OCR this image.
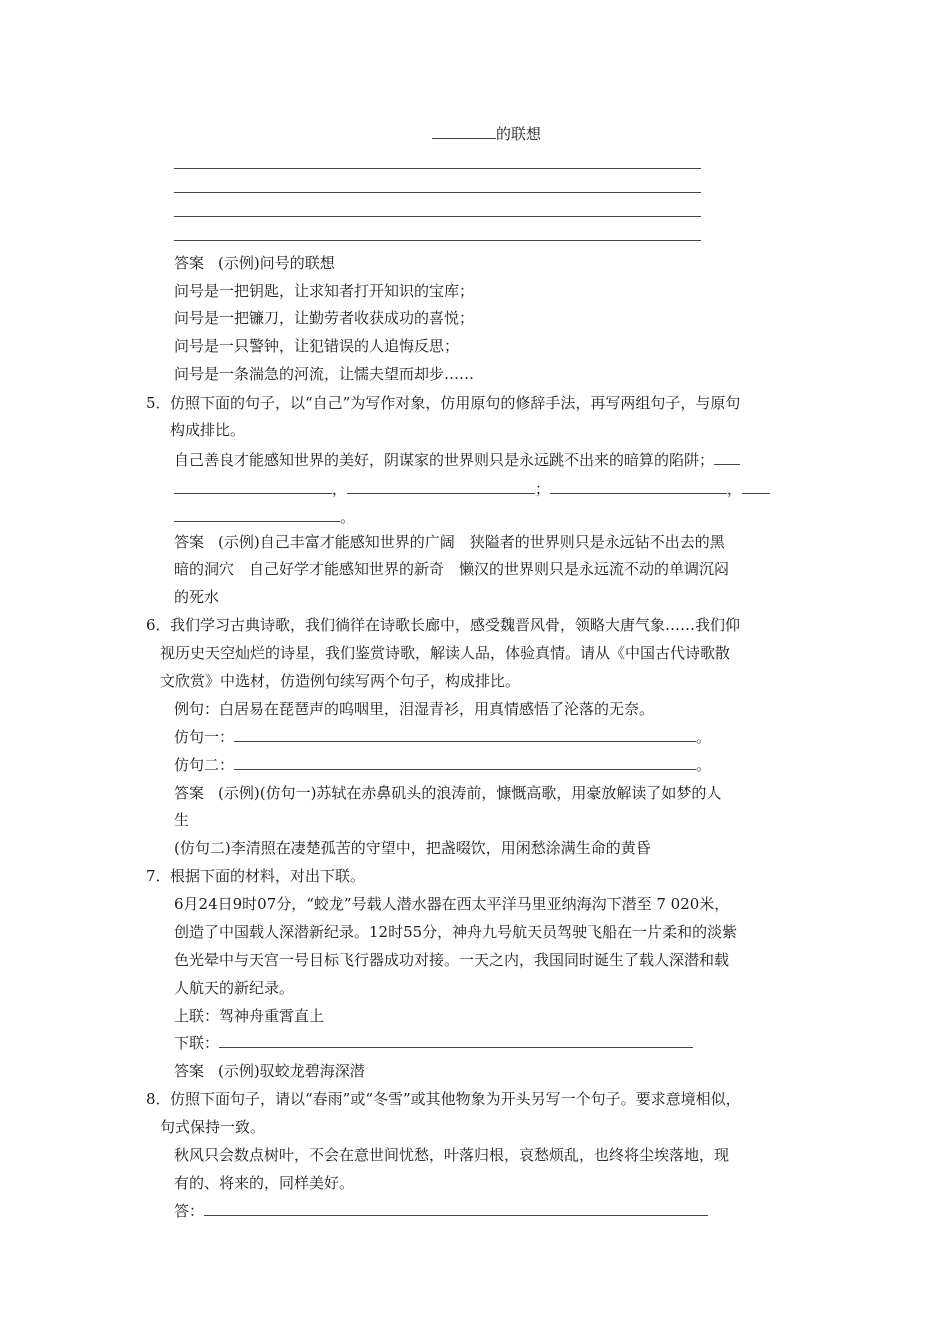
的联想
答案 (示例)问号的联想
问号是一把钥匙，让求知者打开知识的宝库；
问号是一把镰刀，让勤劳者收获成功的喜悦；
问号是一只警钟，让犯错误的人追悔反思；
问号是一条湍急的河流，让懦夫望而却步……
5． 仿照下面的句子，以“自己”为写作对象，仿用原句的修辞手法，再写两组句子，与原句
构成排比。
自己善良才能感知世界的美好，阴谋家的世界则只是永远跳不出来的暗算的陷阱；
，	；	，
。
答案 (示例)自己丰富才能感知世界的广阔　狭隘者的世界则只是永远钻不出去的黑
暗的洞穴　自己好学才能感知世界的新奇　懒汉的世界则只是永远流不动的单调沉闷
的死水
6． 我们学习古典诗歌，我们徜徉在诗歌长廊中，感受魏晋风骨，领略大唐气象……我们仰
视历史天空灿烂的诗星，我们鉴赏诗歌，解读人品，体验真情。请从《中国古代诗歌散
文欣赏》中选材，仿造例句续写两个句子，构成排比。
例句：白居易在琵琶声的呜咽里，泪湿青衫，用真情感悟了沦落的无奈。
仿句一：	。
仿句二：	。
答案 (示例)(仿句一)苏轼在赤鼻矶头的浪涛前，慷慨高歌，用豪放解读了如梦的人
生
(仿句二)李清照在凄楚孤苦的守望中，把盏啜饮，用闲愁涂满生命的黄昏
7． 根据下面的材料，对出下联。
6月24日9时07分，“蛟龙”号载人潜水器在西太平洋马里亚纳海沟下潜至 7 020米，
创造了中国载人深潜新纪录。12时55分，神舟九号航天员驾驶飞船在一片柔和的淡紫
色光晕中与天宫一号目标飞行器成功对接。一天之内，我国同时诞生了载人深潜和载
人航天的新纪录。
上联：驾神舟重霄直上
下联：
答案 (示例)驭蛟龙碧海深潜
8． 仿照下面句子，请以“春雨”或“冬雪”或其他物象为开头另写一个句子。要求意境相似，
句式保持一致。
秋风只会数点树叶，不会在意世间忧愁，叶落归根，哀愁烦乱，也终将尘埃落地，现
有的、将来的，同样美好。
答：
